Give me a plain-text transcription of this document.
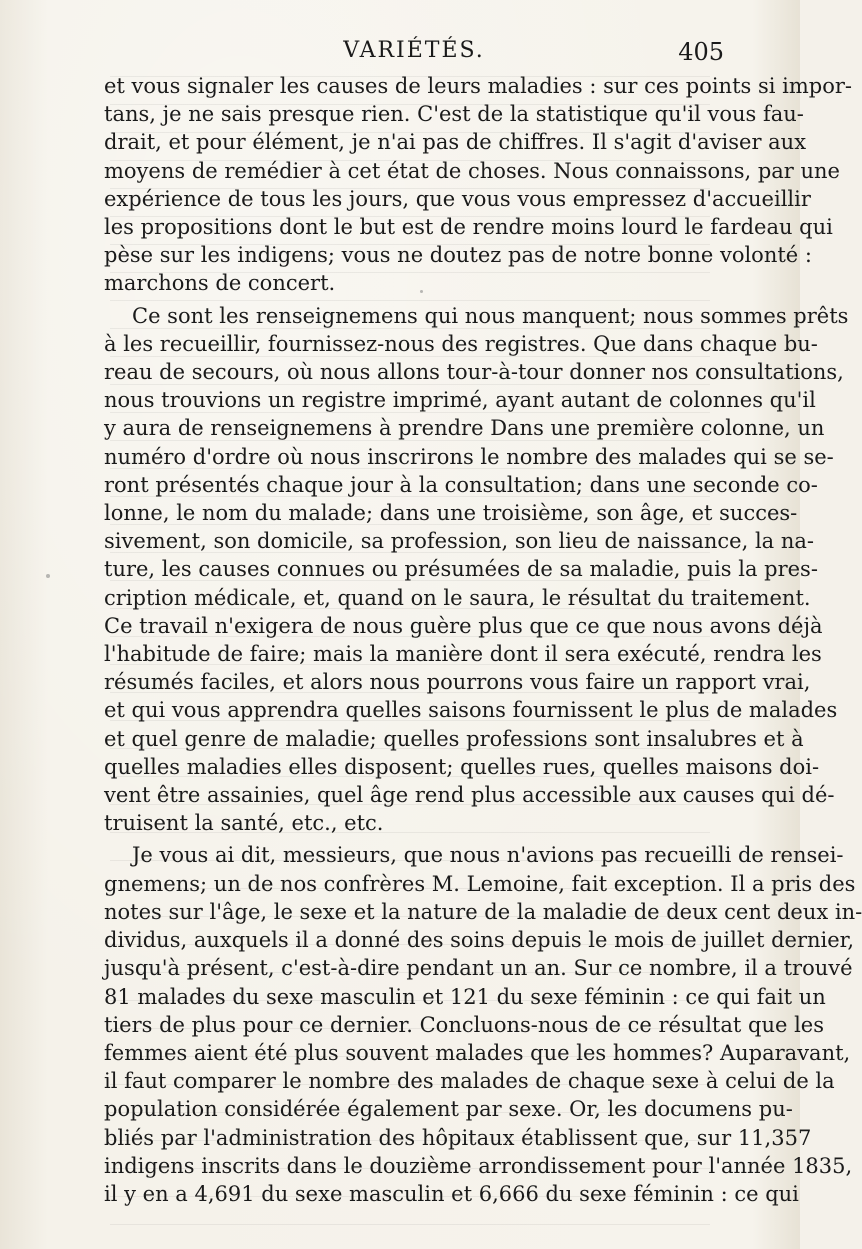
VARIÉTÉS.	405
et vous signaler les causes de leurs maladies : sur ces points si impor-
tans, je ne sais presque rien. C'est de la statistique qu'il vous fau-
drait, et pour élément, je n'ai pas de chiffres. Il s'agit d'aviser aux
moyens de remédier à cet état de choses. Nous connaissons, par une
expérience de tous les jours, que vous vous empressez d'accueillir
les propositions dont le but est de rendre moins lourd le fardeau qui
pèse sur les indigens; vous ne doutez pas de notre bonne volonté :
marchons de concert.
Ce sont les renseignemens qui nous manquent; nous sommes prêts
à les recueillir, fournissez-nous des registres. Que dans chaque bu-
reau de secours, où nous allons tour-à-tour donner nos consultations,
nous trouvions un registre imprimé, ayant autant de colonnes qu'il
y aura de renseignemens à prendre Dans une première colonne, un
numéro d'ordre où nous inscrirons le nombre des malades qui se se-
ront présentés chaque jour à la consultation; dans une seconde co-
lonne, le nom du malade; dans une troisième, son âge, et succes-
sivement, son domicile, sa profession, son lieu de naissance, la na-
ture, les causes connues ou présumées de sa maladie, puis la pres-
cription médicale, et, quand on le saura, le résultat du traitement.
Ce travail n'exigera de nous guère plus que ce que nous avons déjà
l'habitude de faire; mais la manière dont il sera exécuté, rendra les
résumés faciles, et alors nous pourrons vous faire un rapport vrai,
et qui vous apprendra quelles saisons fournissent le plus de malades
et quel genre de maladie; quelles professions sont insalubres et à
quelles maladies elles disposent; quelles rues, quelles maisons doi-
vent être assainies, quel âge rend plus accessible aux causes qui dé-
truisent la santé, etc., etc.
Je vous ai dit, messieurs, que nous n'avions pas recueilli de rensei-
gnemens; un de nos confrères M. Lemoine, fait exception. Il a pris des
notes sur l'âge, le sexe et la nature de la maladie de deux cent deux in-
dividus, auxquels il a donné des soins depuis le mois de juillet dernier,
jusqu'à présent, c'est-à-dire pendant un an. Sur ce nombre, il a trouvé
81 malades du sexe masculin et 121 du sexe féminin : ce qui fait un
tiers de plus pour ce dernier. Concluons-nous de ce résultat que les
femmes aient été plus souvent malades que les hommes? Auparavant,
il faut comparer le nombre des malades de chaque sexe à celui de la
population considérée également par sexe. Or, les documens pu-
bliés par l'administration des hôpitaux établissent que, sur 11,357
indigens inscrits dans le douzième arrondissement pour l'année 1835,
il y en a 4,691 du sexe masculin et 6,666 du sexe féminin : ce qui
